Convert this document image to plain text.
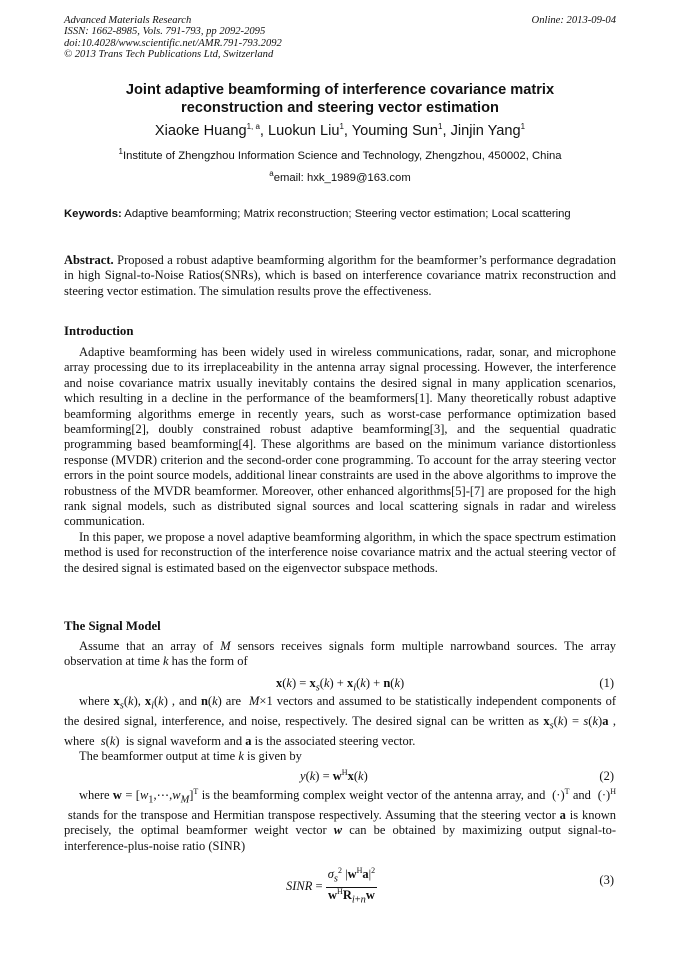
Advanced Materials Research
ISSN: 1662-8985, Vols. 791-793, pp 2092-2095
doi:10.4028/www.scientific.net/AMR.791-793.2092
© 2013 Trans Tech Publications Ltd, Switzerland
Online: 2013-09-04
Joint adaptive beamforming of interference covariance matrix
reconstruction and steering vector estimation
Xiaoke Huang$^{1, a}$, Luokun Liu$^1$, Youming Sun$^1$, Jinjin Yang$^1$
$^1$Institute of Zhengzhou Information Science and Technology, Zhengzhou, 450002, China
$^a$email: hxk_1989@163.com
Keywords: Adaptive beamforming; Matrix reconstruction; Steering vector estimation; Local scattering
Abstract. Proposed a robust adaptive beamforming algorithm for the beamformer’s performance degradation in high Signal-to-Noise Ratios(SNRs), which is based on interference covariance matrix reconstruction and steering vector estimation. The simulation results prove the effectiveness.
Introduction

Adaptive beamforming has been widely used in wireless communications, radar, sonar, and microphone array processing due to its irreplaceability in the antenna array signal processing. However, the interference and noise covariance matrix usually inevitably contains the desired signal in many application scenarios, which resulting in a decline in the performance of the beamformers[1]. Many theoretically robust adaptive beamforming algorithms emerge in recently years, such as worst-case performance optimization based beamforming[2], doubly constrained robust adaptive beamforming[3], and the sequential quadratic programming based beamforming[4]. These algorithms are based on the minimum variance distortionless response (MVDR) criterion and the second-order cone programming. To account for the array steering vector errors in the point source models, additional linear constraints are used in the above algorithms to improve the robustness of the MVDR beamformer. Moreover, other enhanced algorithms[5]-[7] are proposed for the high rank signal models, such as distributed signal sources and local scattering signals in radar and wireless communication.

In this paper, we propose a novel adaptive beamforming algorithm, in which the space spectrum estimation method is used for reconstruction of the interference noise covariance matrix and the actual steering vector of the desired signal is estimated based on the eigenvector subspace methods.

The Signal Model

Assume that an array of M sensors receives signals form multiple narrowband sources. The array observation at time k has the form of

$x(k) = x_s(k) + x_i(k) + n(k)$	(1)

where $x_s(k)$, $x_i(k)$ , and n(k) are  M×1 vectors and assumed to be statistically independent components of the desired signal, interference, and noise, respectively. The desired signal can be written as $x_s(k) = s(k)a$ , where  s(k)  is signal waveform and a is the associated steering vector.

The beamformer output at time k is given by

$y(k) = w^Hx(k)$	(2)

where $w = [w_1,\cdots,w_M]^T$ is the beamforming complex weight vector of the antenna array, and  $(\cdot)^T$ and  $(\cdot)^H$  stands for the transpose and Hermitian transpose respectively. Assuming that the steering vector a is known precisely, the optimal beamformer weight vector w can be obtained by maximizing output signal-to-interference-plus-noise ratio (SINR)

SINR = $\frac{\sigma_s^2 |w^Ha|^2}{w^HR_{i+n}w}$	(3)
